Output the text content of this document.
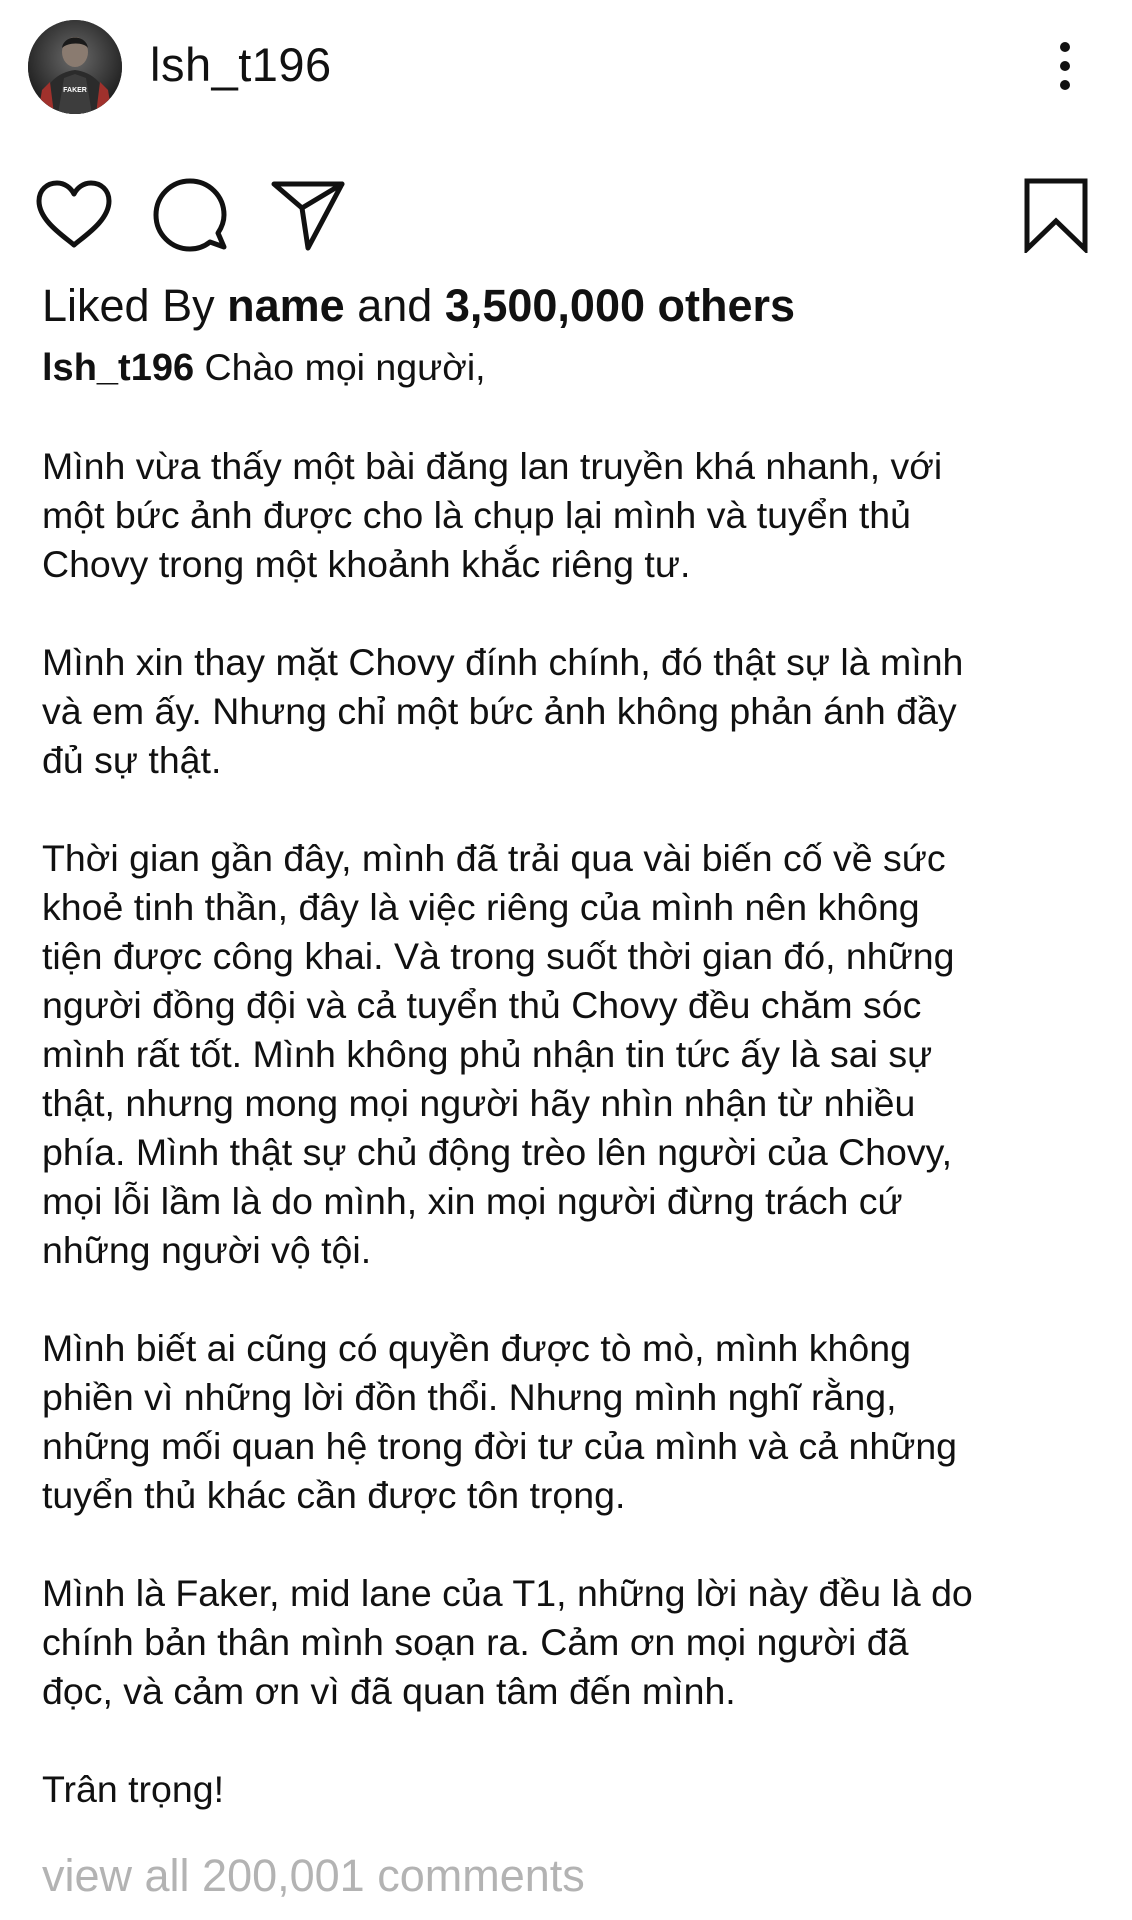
FAKER lsh_t196
Liked By name and 3,500,000 others

lsh_t196 Chào mọi người,

Mình vừa thấy một bài đăng lan truyền khá nhanh, với
một bức ảnh được cho là chụp lại mình và tuyển thủ
Chovy trong một khoảnh khắc riêng tư.

Mình xin thay mặt Chovy đính chính, đó thật sự là mình
và em ấy. Nhưng chỉ một bức ảnh không phản ánh đầy
đủ sự thật.

Thời gian gần đây, mình đã trải qua vài biến cố về sức
khoẻ tinh thần, đây là việc riêng của mình nên không
tiện được công khai. Và trong suốt thời gian đó, những
người đồng đội và cả tuyển thủ Chovy đều chăm sóc
mình rất tốt. Mình không phủ nhận tin tức ấy là sai sự
thật, nhưng mong mọi người hãy nhìn nhận từ nhiều
phía. Mình thật sự chủ động trèo lên người của Chovy,
mọi lỗi lầm là do mình, xin mọi người đừng trách cứ
những người vộ tội.

Mình biết ai cũng có quyền được tò mò, mình không
phiền vì những lời đồn thổi. Nhưng mình nghĩ rằng,
những mối quan hệ trong đời tư của mình và cả những
tuyển thủ khác cần được tôn trọng.

Mình là Faker, mid lane của T1, những lời này đều là do
chính bản thân mình soạn ra. Cảm ơn mọi người đã
đọc, và cảm ơn vì đã quan tâm đến mình.

Trân trọng!

view all 200,001 comments
